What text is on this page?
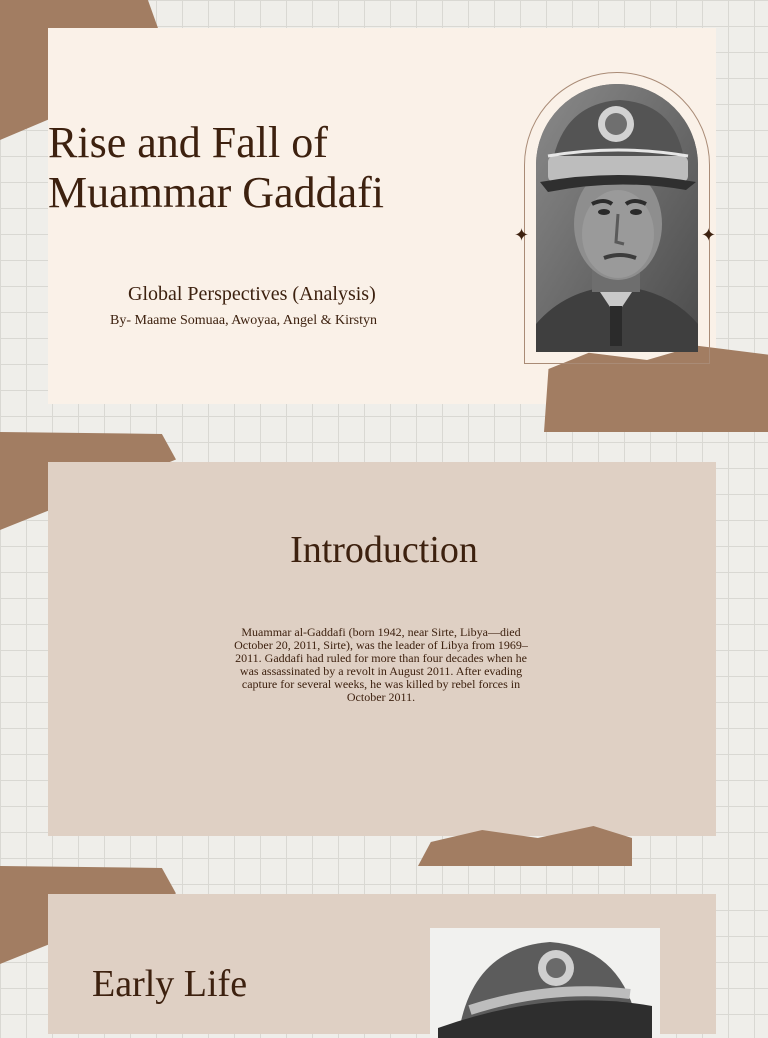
Rise and Fall of
Muammar Gaddafi
Global Perspectives (Analysis)
By- Maame Somuaa, Awoyaa, Angel & Kirstyn
✦	✦
Introduction
Muammar al-Gaddafi (born 1942, near Sirte, Libya—died October 20, 2011, Sirte), was the leader of Libya from 1969–2011. Gaddafi had ruled for more than four decades when he was assassinated by a revolt in August 2011. After evading capture for several weeks, he was killed by rebel forces in October 2011.
Early Life
